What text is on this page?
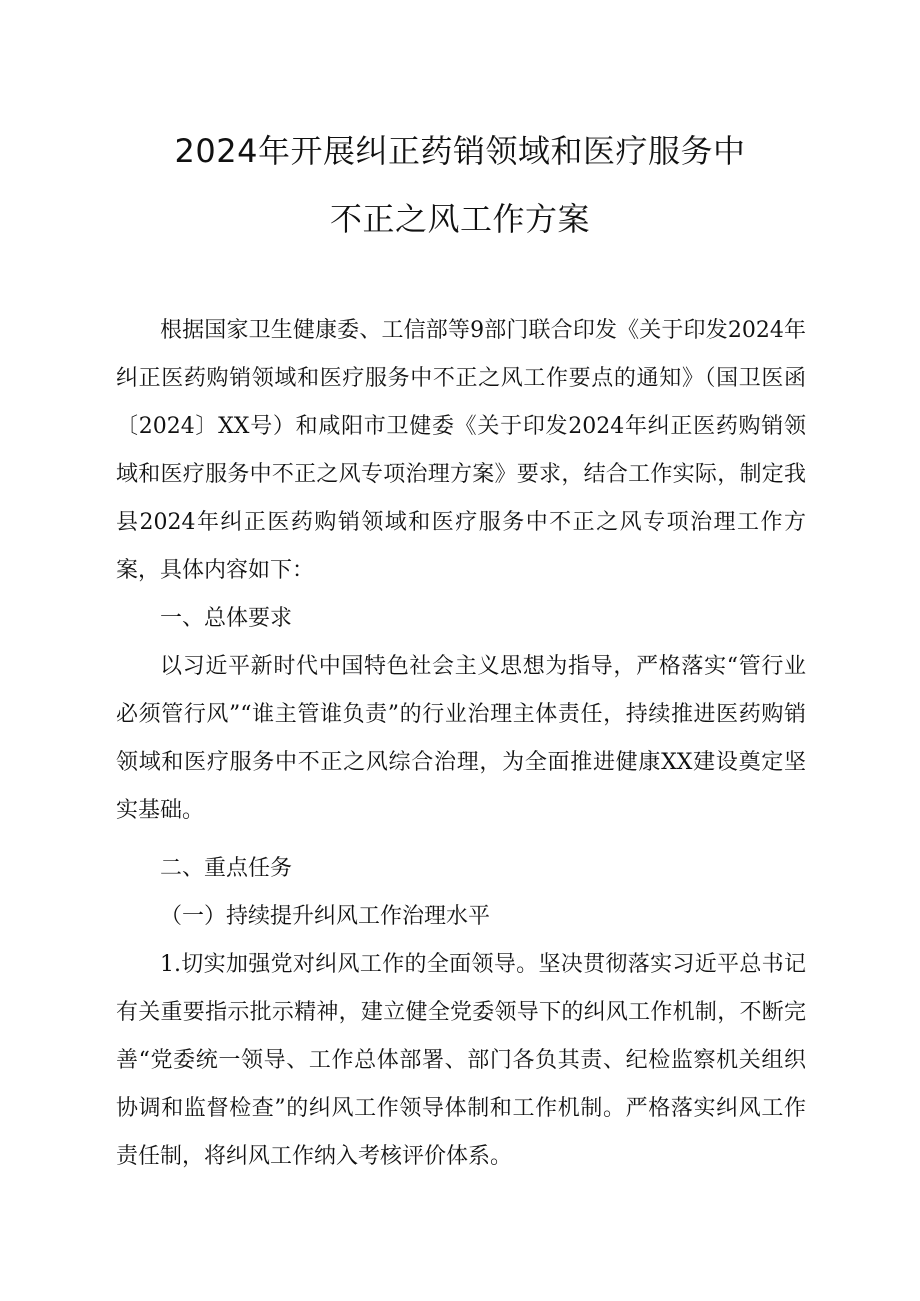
2024年开展纠正药销领域和医疗服务中
不正之风工作方案

根据国家卫生健康委、工信部等9部门联合印发《关于印发2024年纠正医药购销领域和医疗服务中不正之风工作要点的通知》（国卫医函〔2024〕XX号）和咸阳市卫健委《关于印发2024年纠正医药购销领域和医疗服务中不正之风专项治理方案》要求，结合工作实际，制定我县2024年纠正医药购销领域和医疗服务中不正之风专项治理工作方案，具体内容如下：

一、总体要求

以习近平新时代中国特色社会主义思想为指导，严格落实“管行业必须管行风”“谁主管谁负责”的行业治理主体责任，持续推进医药购销领域和医疗服务中不正之风综合治理，为全面推进健康XX建设奠定坚实基础。

二、重点任务

（一）持续提升纠风工作治理水平

1.切实加强党对纠风工作的全面领导。坚决贯彻落实习近平总书记有关重要指示批示精神，建立健全党委领导下的纠风工作机制，不断完善“党委统一领导、工作总体部署、部门各负其责、纪检监察机关组织协调和监督检查”的纠风工作领导体制和工作机制。严格落实纠风工作责任制，将纠风工作纳入考核评价体系。
